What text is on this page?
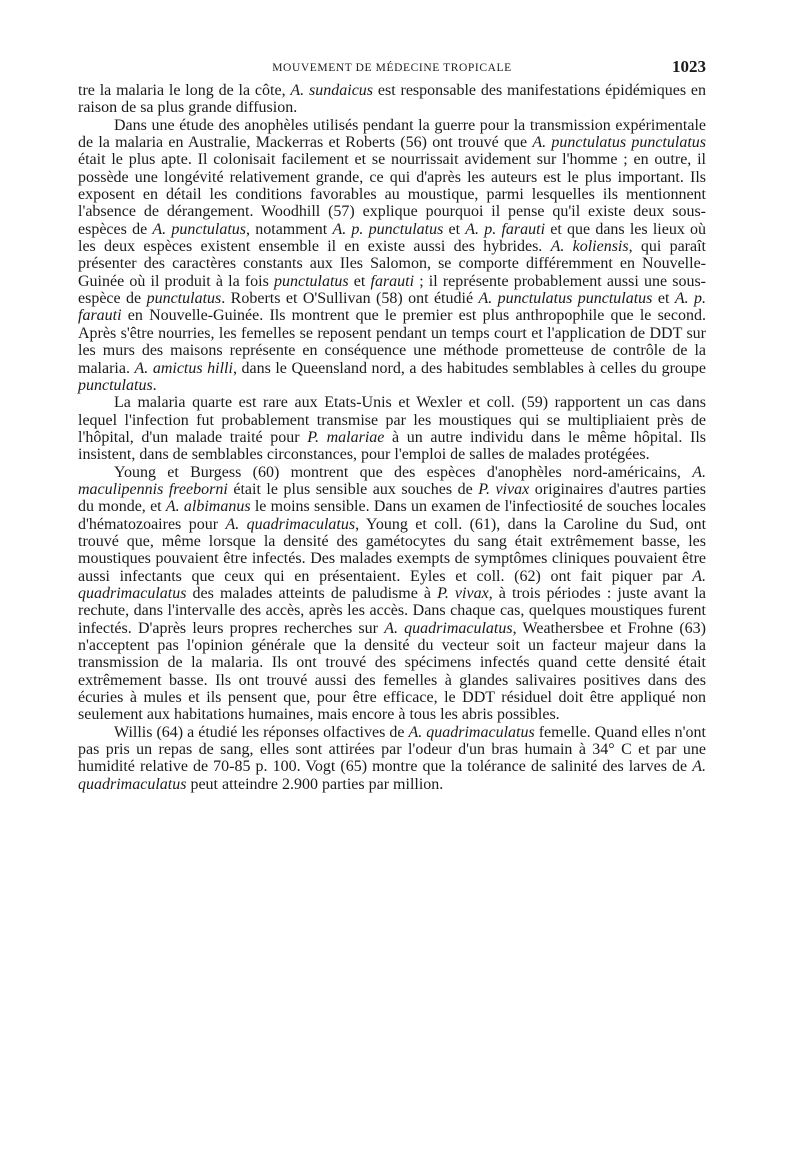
MOUVEMENT DE MÉDECINE TROPICALE	1023

tre la malaria le long de la côte, A. sundaicus est responsable des manifestations épidémiques en raison de sa plus grande diffusion.

Dans une étude des anophèles utilisés pendant la guerre pour la transmission expérimentale de la malaria en Australie, Mackerras et Roberts (56) ont trouvé que A. punctulatus punctulatus était le plus apte. Il colonisait facilement et se nourrissait avidement sur l'homme ; en outre, il possède une longévité relativement grande, ce qui d'après les auteurs est le plus important. Ils exposent en détail les conditions favorables au moustique, parmi lesquelles ils mentionnent l'absence de dérangement. Woodhill (57) explique pourquoi il pense qu'il existe deux sous-espèces de A. punctulatus, notamment A. p. punctulatus et A. p. farauti et que dans les lieux où les deux espèces existent ensemble il en existe aussi des hybrides. A. koliensis, qui paraît présenter des caractères constants aux Iles Salomon, se comporte différemment en Nouvelle-Guinée où il produit à la fois punctulatus et farauti ; il représente probablement aussi une sous-espèce de punctulatus. Roberts et O'Sullivan (58) ont étudié A. punctulatus punctulatus et A. p. farauti en Nouvelle-Guinée. Ils montrent que le premier est plus anthropophile que le second. Après s'être nourries, les femelles se reposent pendant un temps court et l'application de DDT sur les murs des maisons représente en conséquence une méthode prometteuse de contrôle de la malaria. A. amictus hilli, dans le Queensland nord, a des habitudes semblables à celles du groupe punctulatus.

La malaria quarte est rare aux Etats-Unis et Wexler et coll. (59) rapportent un cas dans lequel l'infection fut probablement transmise par les moustiques qui se multipliaient près de l'hôpital, d'un malade traité pour P. malariae à un autre individu dans le même hôpital. Ils insistent, dans de semblables circonstances, pour l'emploi de salles de malades protégées.

Young et Burgess (60) montrent que des espèces d'anophèles nord-américains, A. maculipennis freeborni était le plus sensible aux souches de P. vivax originaires d'autres parties du monde, et A. albimanus le moins sensible. Dans un examen de l'infectiosité de souches locales d'hématozoaires pour A. quadrimaculatus, Young et coll. (61), dans la Caroline du Sud, ont trouvé que, même lorsque la densité des gamétocytes du sang était extrêmement basse, les moustiques pouvaient être infectés. Des malades exempts de symptômes cliniques pouvaient être aussi infectants que ceux qui en présentaient. Eyles et coll. (62) ont fait piquer par A. quadrimaculatus des malades atteints de paludisme à P. vivax, à trois périodes : juste avant la rechute, dans l'intervalle des accès, après les accès. Dans chaque cas, quelques moustiques furent infectés. D'après leurs propres recherches sur A. quadrimaculatus, Weathersbee et Frohne (63) n'acceptent pas l'opinion générale que la densité du vecteur soit un facteur majeur dans la transmission de la malaria. Ils ont trouvé des spécimens infectés quand cette densité était extrêmement basse. Ils ont trouvé aussi des femelles à glandes salivaires positives dans des écuries à mules et ils pensent que, pour être efficace, le DDT résiduel doit être appliqué non seulement aux habitations humaines, mais encore à tous les abris possibles.

Willis (64) a étudié les réponses olfactives de A. quadrimaculatus femelle. Quand elles n'ont pas pris un repas de sang, elles sont attirées par l'odeur d'un bras humain à 34° C et par une humidité relative de 70-85 p. 100. Vogt (65) montre que la tolérance de salinité des larves de A. quadrimaculatus peut atteindre 2.900 parties par million.
